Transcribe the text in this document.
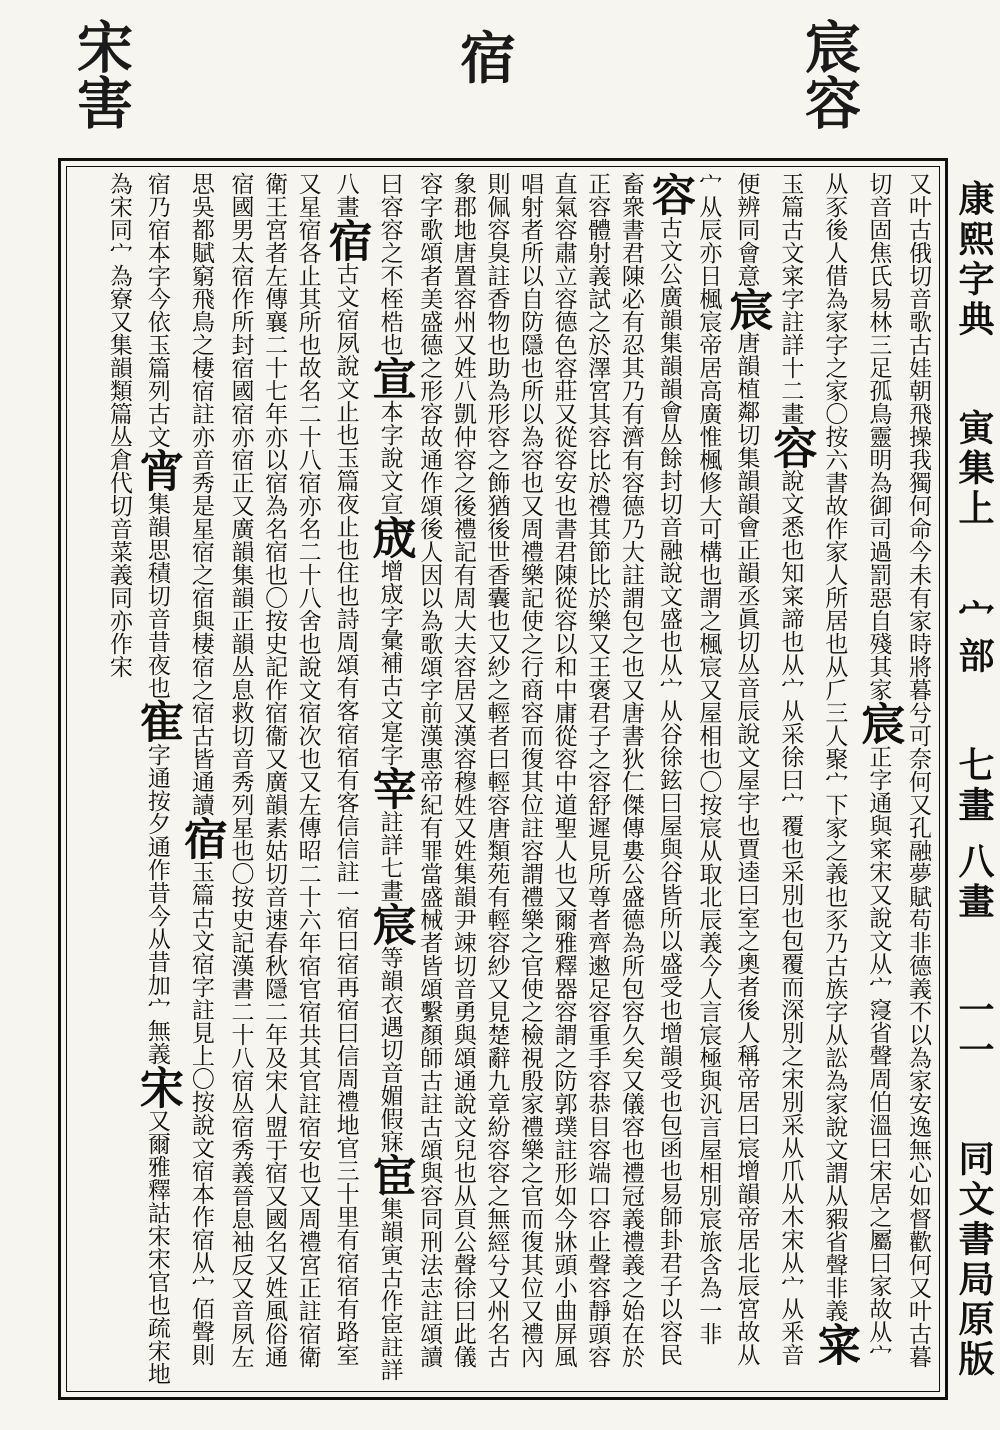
宸容
宿
宋害
康熙字典
寅集上
宀部
七畫 八畫
一一
同文書局原版
又叶古俄切音歌古娃朝飛操我獨何命今未有家時將暮兮可奈何又孔融夢賦苟非德義不以為家安逸無心如督歡何又叶古暮切音固焦氏易林三足孤鳥靈明為御司過罰惡自殘其家宸正字通與寀宋又說文从宀䆮省聲周伯溫曰宋居之屬曰家故从宀从豕後人借為家字之家〇按六書故作家人所居也从𠂆三人聚宀下家之義也豕乃古族字从訟為家說文謂从豭省聲非義寀玉篇古文寀字註詳十二畫容說文悉也知寀諦也从宀从采徐曰宀覆也采別也包覆而深別之宋別采从爪从木宋从宀从釆音便辨同會意宸唐韻植鄰切集韻韻會正韻丞眞切丛音辰說文屋宇也賈逵曰室之奧者後人稱帝居曰宸增韻帝居北辰宮故从宀从辰亦日楓宸帝居高廣惟楓修大可構也謂之楓宸又屋相也〇按宸从取北辰義今人言宸極與汎言屋相別宸旅含為一非容古文公廣韻集韻韻會丛餘封切音融說文盛也从宀从谷徐鉉曰屋與谷皆所以盛受也增韻受也包函也易師卦君子以容民畜衆書君陳必有忍其乃有濟有容德乃大註謂包之也又唐書狄仁傑傳婁公盛德為所包容久矣又儀容也禮冠義禮義之始在於正容體射義試之於澤宮其容比於禮其節比於樂又王褒君子之容舒遲見所尊者齊遫足容重手容恭目容端口容止聲容靜頭容直氣容肅立容德色容莊又從容安也書君陳從容以和中庸從容中道聖人也又爾雅釋器容謂之防郭璞註形如今牀頭小曲屏風唱射者所以自防隱也所以為容也又周禮樂記使之行商容而復其位註容謂禮樂之官使之檢視殷家禮樂之官而復其位又禮內則佩容臭註香物也助為形容之飾猶後世香囊也又紗之輕者曰輕容唐類苑有輕容紗又見楚辭九章紛容容之無經兮又州名古象郡地唐置容州又姓八凱仲容之後禮記有周大夫容居又漢容穆姓又姓集韻尹竦切音勇與頌通說文兒也从頁公聲徐曰此儀容字歌頌者美盛德之形容故通作頌後人因以為歌頌字前漢惠帝紀有罪當盛械者皆頌繫顏師古註古頌與容同刑法志註頌讀曰容容之不桎梏也宣本字說文宣宬增宬字彙補古文寔字宰註詳七畫宸等韻衣遇切音媚假寐宦集韻寅古作宦註詳八畫宿古文宿夙說文止也玉篇夜止也住也詩周頌有客宿宿有客信信註一宿曰宿再宿曰信周禮地官三十里有宿宿有路室又星宿各止其所也故名二十八宿亦名二十八舍也說文宿次也又左傳昭二十六年宿官宿共其官註宿安也又周禮宮正註宿衛衛王宮者左傳襄二十七年亦以宿為名宿也〇按史記作宿衞又廣韻素姑切音速春秋隱二年及宋人盟于宿又國名又姓風俗通宿國男太宿作所封宿國宿亦宿正又廣韻集韻正韻丛息救切音秀列星也〇按史記漢書二十八宿丛宿秀義晉息袖反又音夙左思吳都賦窮飛鳥之棲宿註亦音秀是星宿之宿與棲宿之宿古皆通讀宿玉篇古文宿字註見上〇按說文宿本作宿从宀佰聲則宿乃宿本字今依玉篇列古文宵集韻思積切音昔夜也寉字通按夕通作昔今从昔加宀無義宋又爾雅釋詁宋宋官也疏宋地為宋同宀為寮又集韻類篇丛倉代切音菜義同亦作宋
